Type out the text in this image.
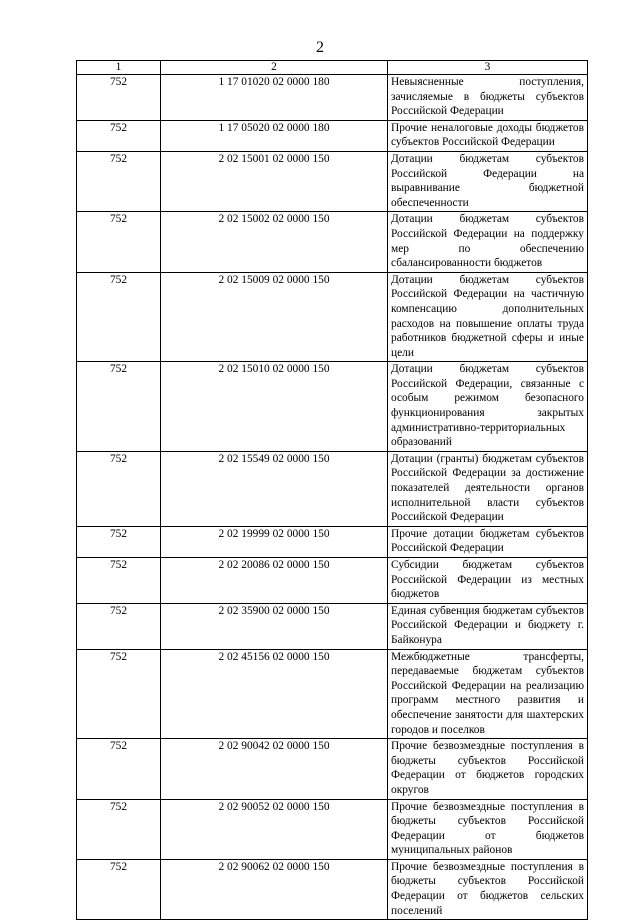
2
1	2	3
752	1 17 01020 02 0000 180	Невыясненные поступления, зачисляемые в бюджеты субъектов Российской Федерации
752	1 17 05020 02 0000 180	Прочие неналоговые доходы бюджетов субъектов Российской Федерации
752	2 02 15001 02 0000 150	Дотации бюджетам субъектов Российской Федерации на выравнивание бюджетной обеспеченности
752	2 02 15002 02 0000 150	Дотации бюджетам субъектов Российской Федерации на поддержку мер по обеспечению сбалансированности бюджетов
752	2 02 15009 02 0000 150	Дотации бюджетам субъектов Российской Федерации на частичную компенсацию дополнительных расходов на повышение оплаты труда работников бюджетной сферы и иные цели
752	2 02 15010 02 0000 150	Дотации бюджетам субъектов Российской Федерации, связанные с особым режимом безопасного функционирования закрытых административно-территориальных образований
752	2 02 15549 02 0000 150	Дотации (гранты) бюджетам субъектов Российской Федерации за достижение показателей деятельности органов исполнительной власти субъектов Российской Федерации
752	2 02 19999 02 0000 150	Прочие дотации бюджетам субъектов Российской Федерации
752	2 02 20086 02 0000 150	Субсидии бюджетам субъектов Российской Федерации из местных бюджетов
752	2 02 35900 02 0000 150	Единая субвенция бюджетам субъектов Российской Федерации и бюджету г. Байконура
752	2 02 45156 02 0000 150	Межбюджетные трансферты, передаваемые бюджетам субъектов Российской Федерации на реализацию программ местного развития и обеспечение занятости для шахтерских городов и поселков
752	2 02 90042 02 0000 150	Прочие безвозмездные поступления в бюджеты субъектов Российской Федерации от бюджетов городских округов
752	2 02 90052 02 0000 150	Прочие безвозмездные поступления в бюджеты субъектов Российской Федерации от бюджетов муниципальных районов
752	2 02 90062 02 0000 150	Прочие безвозмездные поступления в бюджеты субъектов Российской Федерации от бюджетов сельских поселений
